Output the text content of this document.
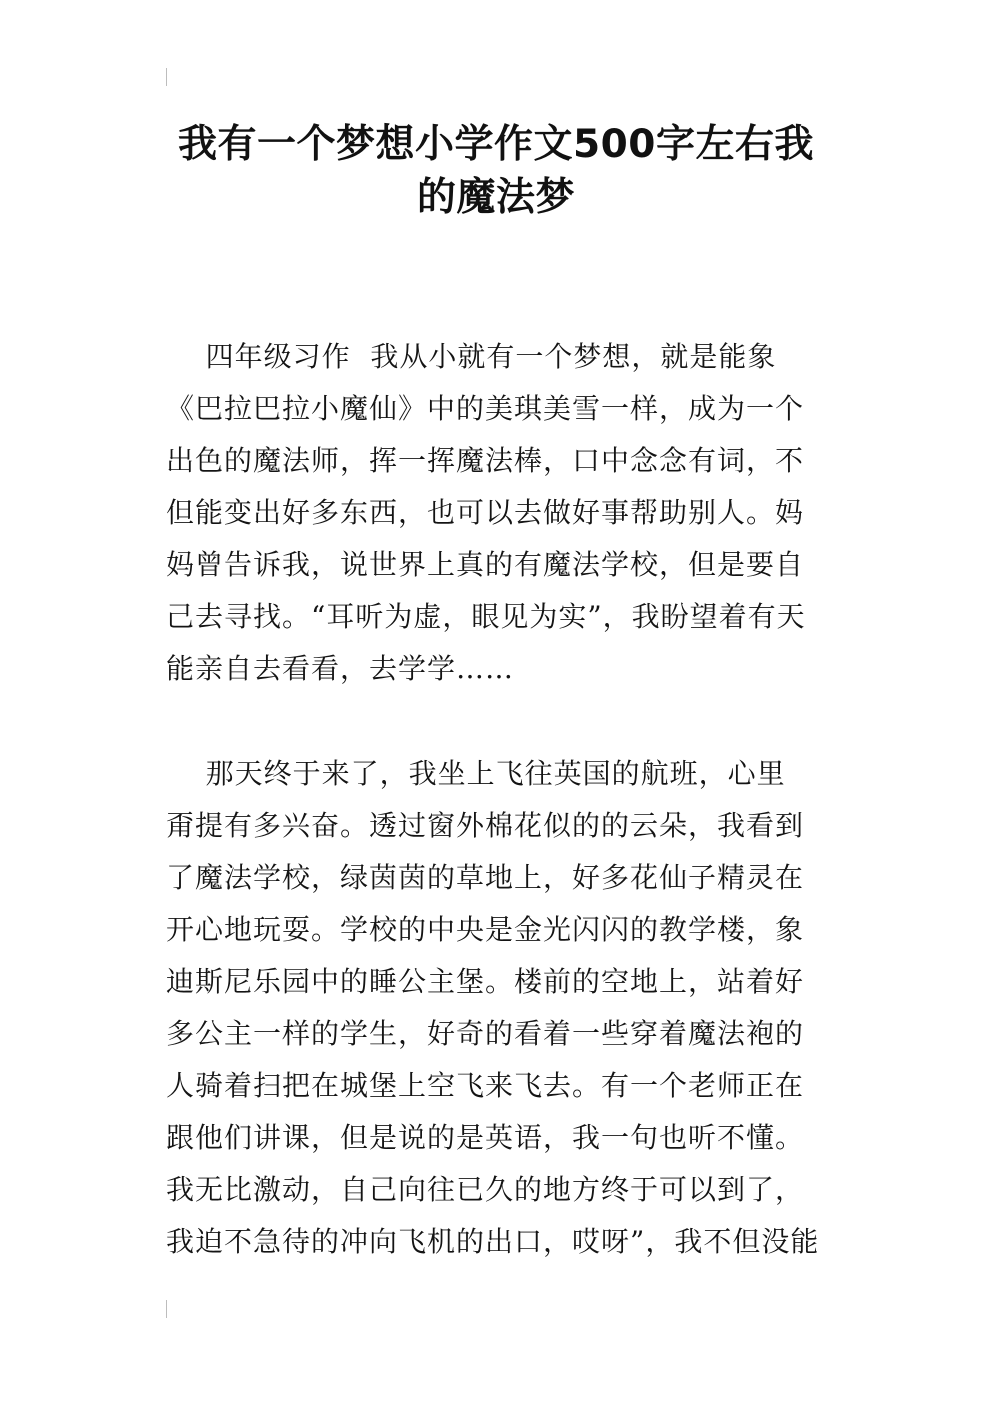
我有一个梦想小学作文500字左右我
的魔法梦
四年级习作  我从小就有一个梦想，就是能象
《巴拉巴拉小魔仙》中的美琪美雪一样，成为一个
出色的魔法师，挥一挥魔法棒，口中念念有词，不
但能变出好多东西，也可以去做好事帮助别人。妈
妈曾告诉我，说世界上真的有魔法学校，但是要自
己去寻找。“耳听为虚，眼见为实”，我盼望着有天
能亲自去看看，去学学……
那天终于来了，我坐上飞往英国的航班，心里
甭提有多兴奋。透过窗外棉花似的的云朵，我看到
了魔法学校，绿茵茵的草地上，好多花仙子精灵在
开心地玩耍。学校的中央是金光闪闪的教学楼，象
迪斯尼乐园中的睡公主堡。楼前的空地上，站着好
多公主一样的学生，好奇的看着一些穿着魔法袍的
人骑着扫把在城堡上空飞来飞去。有一个老师正在
跟他们讲课，但是说的是英语，我一句也听不懂。
我无比激动，自己向往已久的地方终于可以到了，
我迫不急待的冲向飞机的出口，哎呀”，我不但没能
